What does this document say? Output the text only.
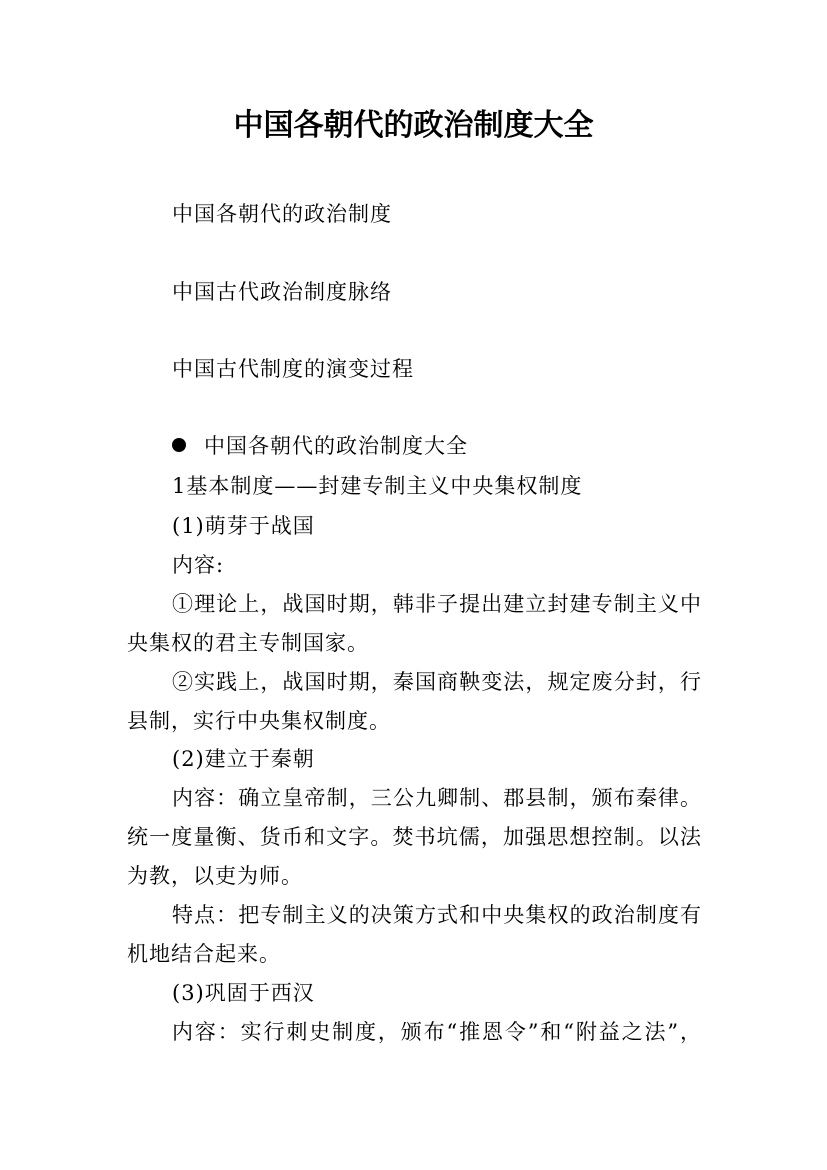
中国各朝代的政治制度大全
中国各朝代的政治制度
中国古代政治制度脉络
中国古代制度的演变过程
中国各朝代的政治制度大全
1基本制度——封建专制主义中央集权制度
(1)萌芽于战国
内容:
①理论上，战国时期，韩非子提出建立封建专制主义中
央集权的君主专制国家。
②实践上，战国时期，秦国商鞅变法，规定废分封，行
县制，实行中央集权制度。
(2)建立于秦朝
内容：确立皇帝制，三公九卿制、郡县制，颁布秦律。
统一度量衡、货币和文字。焚书坑儒，加强思想控制。以法
为教，以吏为师。
特点：把专制主义的决策方式和中央集权的政治制度有
机地结合起来。
(3)巩固于西汉
内容：实行刺史制度，颁布“推恩令”和“附益之法”，
